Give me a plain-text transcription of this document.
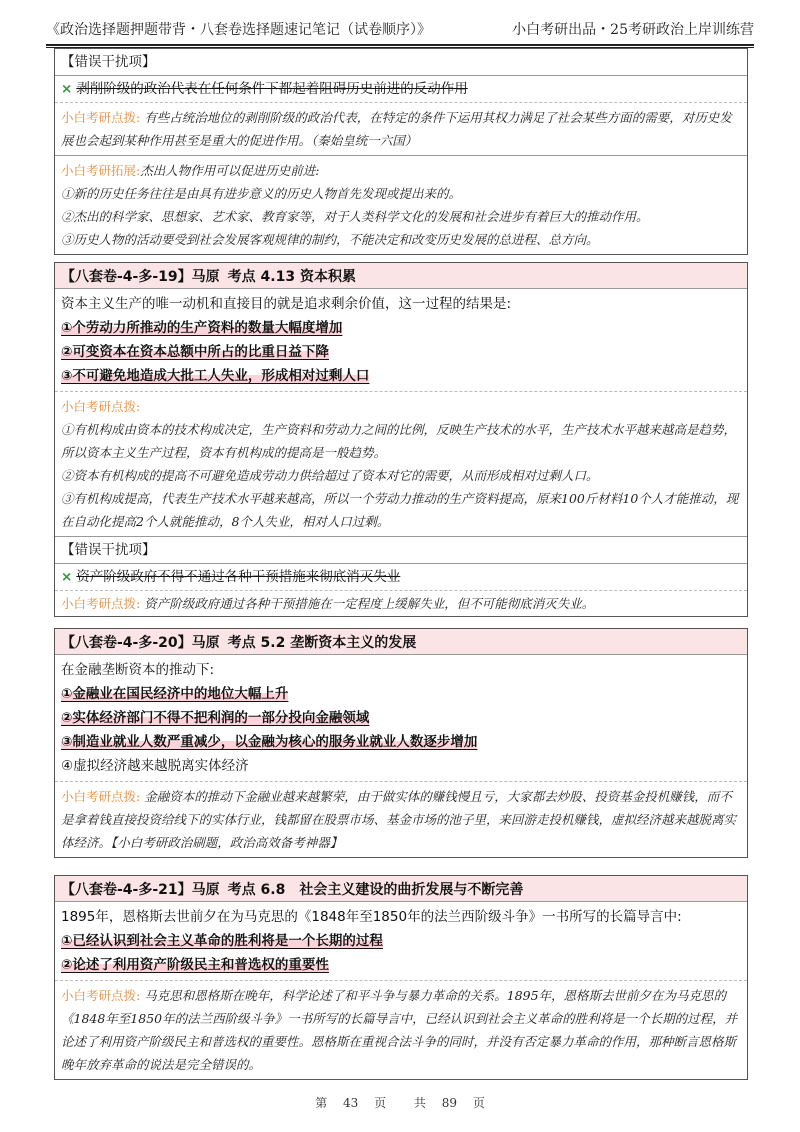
《政治选择题押题带背・八套卷选择题速记笔记（试卷顺序）》	小白考研出品・25考研政治上岸训练营
【错误干扰项】
× 剥削阶级的政治代表在任何条件下都起着阻碍历史前进的反动作用
小白考研点拨: 有些占统治地位的剥削阶级的政治代表，在特定的条件下运用其权力满足了社会某些方面的需要，对历史发展也会起到某种作用甚至是重大的促进作用。（秦始皇统一六国）
小白考研拓展:杰出人物作用可以促进历史前进:
①新的历史任务往往是由具有进步意义的历史人物首先发现或提出来的。
②杰出的科学家、思想家、艺术家、教育家等，对于人类科学文化的发展和社会进步有着巨大的推动作用。
③历史人物的活动要受到社会发展客观规律的制约，不能决定和改变历史发展的总进程、总方向。
【八套卷-4-多-19】 马原 考点 4.13 资本积累
资本主义生产的唯一动机和直接目的就是追求剩余价值，这一过程的结果是:
①个劳动力所推动的生产资料的数量大幅度增加
②可变资本在资本总额中所占的比重日益下降
③不可避免地造成大批工人失业，形成相对过剩人口
小白考研点拨:
①有机构成由资本的技术构成决定，生产资料和劳动力之间的比例，反映生产技术的水平，生产技术水平越来越高是趋势，所以资本主义生产过程，资本有机构成的提高是一般趋势。
②资本有机构成的提高不可避免造成劳动力供给超过了资本对它的需要，从而形成相对过剩人口。
③有机构成提高，代表生产技术水平越来越高，所以一个劳动力推动的生产资料提高，原来100斤材料10个人才能推动，现在自动化提高2个人就能推动，8个人失业，相对人口过剩。
【错误干扰项】
× 资产阶级政府不得不通过各种干预措施来彻底消灭失业
小白考研点拨: 资产阶级政府通过各种干预措施在一定程度上缓解失业，但不可能彻底消灭失业。
【八套卷-4-多-20】 马原 考点 5.2 垄断资本主义的发展
在金融垄断资本的推动下:
①金融业在国民经济中的地位大幅上升
②实体经济部门不得不把利润的一部分投向金融领域
③制造业就业人数严重减少，以金融为核心的服务业就业人数逐步增加
④虚拟经济越来越脱离实体经济
小白考研点拨: 金融资本的推动下金融业越来越繁荣，由于做实体的赚钱慢且亏，大家都去炒股、投资基金投机赚钱，而不是拿着钱直接投资给线下的实体行业，钱都留在股票市场、基金市场的池子里，来回游走投机赚钱，虚拟经济越来越脱离实体经济。【小白考研政治刷题，政治高效备考神器】
【八套卷-4-多-21】 马原 考点 6.8　社会主义建设的曲折发展与不断完善
1895年，恩格斯去世前夕在为马克思的《1848年至1850年的法兰西阶级斗争》一书所写的长篇导言中:
①已经认识到社会主义革命的胜利将是一个长期的过程
②论述了利用资产阶级民主和普选权的重要性
小白考研点拨: 马克思和恩格斯在晚年，科学论述了和平斗争与暴力革命的关系。1895年，恩格斯去世前夕在为马克思的《1848年至1850年的法兰西阶级斗争》一书所写的长篇导言中，已经认识到社会主义革命的胜利将是一个长期的过程，并论述了利用资产阶级民主和普选权的重要性。恩格斯在重视合法斗争的同时，并没有否定暴力革命的作用，那种断言恩格斯晚年放弃革命的说法是完全错误的。
第 43 页 共 89 页
